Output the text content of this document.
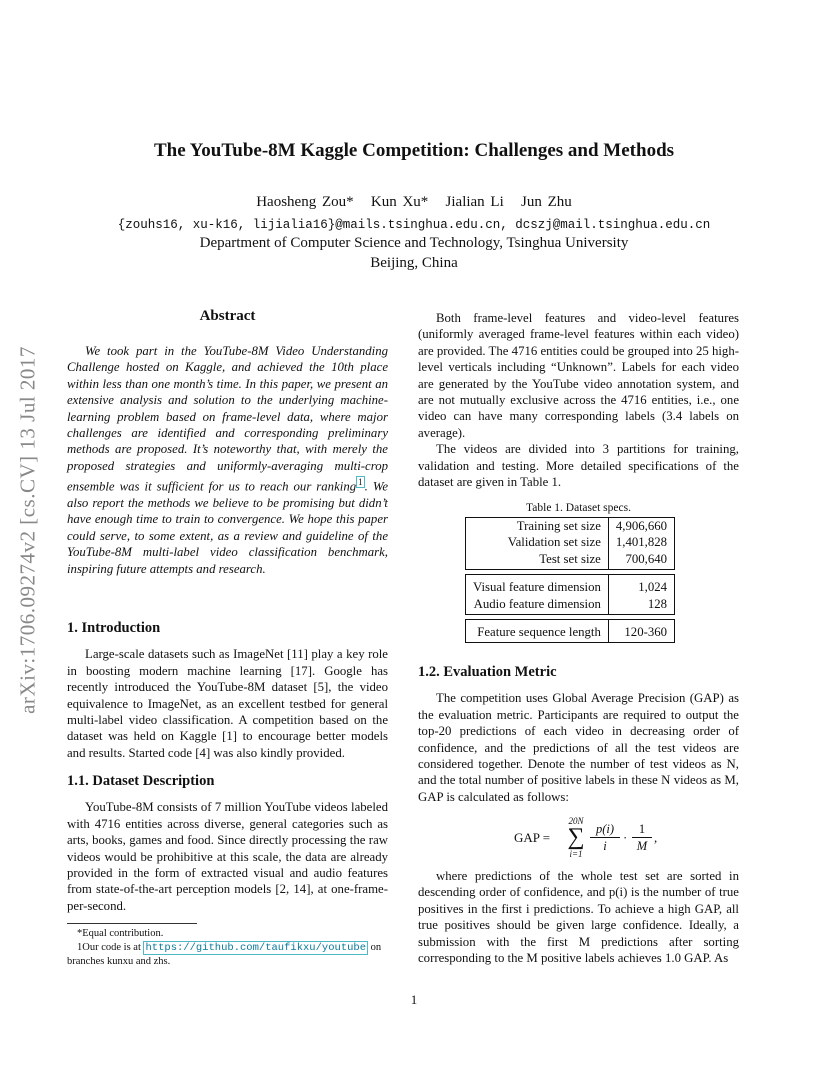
The YouTube-8M Kaggle Competition: Challenges and Methods
Haosheng Zou* Kun Xu* Jialian Li Jun Zhu
{zouhs16, xu-k16, lijialia16}@mails.tsinghua.edu.cn, dcszj@mail.tsinghua.edu.cn
Department of Computer Science and Technology, Tsinghua University
Beijing, China
arXiv:1706.09274v2 [cs.CV] 13 Jul 2017
Abstract
We took part in the YouTube-8M Video Understanding Challenge hosted on Kaggle, and achieved the 10th place within less than one month’s time. In this paper, we present an extensive analysis and solution to the underlying machine-learning problem based on frame-level data, where major challenges are identified and corresponding preliminary methods are proposed. It’s noteworthy that, with merely the proposed strategies and uniformly-averaging multi-crop ensemble was it sufficient for us to reach our ranking $^1$ . We also report the methods we believe to be promising but didn’t have enough time to train to convergence. We hope this paper could serve, to some extent, as a review and guideline of the YouTube-8M multi-label video classification benchmark, inspiring future attempts and research.
1. Introduction

Large-scale datasets such as ImageNet [11] play a key role in boosting modern machine learning [17]. Google has recently introduced the YouTube-8M dataset [5], the video equivalence to ImageNet, as an excellent testbed for general multi-label video classification. A competition based on the dataset was held on Kaggle [1] to encourage better models and results. Started code [4] was also kindly provided.

1.1. Dataset Description

YouTube-8M consists of 7 million YouTube videos labeled with 4716 entities across diverse, general categories such as arts, books, games and food. Since directly processing the raw videos would be prohibitive at this scale, the data are already provided in the form of extracted visual and audio features from state-of-the-art perception models [2, 14], at one-frame-per-second.

*Equal contribution.
1Our code is at https://github.com/taufikxu/youtube on branches kunxu and zhs.

Both frame-level features and video-level features (uniformly averaged frame-level features within each video) are provided. The 4716 entities could be grouped into 25 high-level verticals including “Unknown”. Labels for each video are generated by the YouTube video annotation system, and are not mutually exclusive across the 4716 entities, i.e., one video can have many corresponding labels (3.4 labels on average).

The videos are divided into 3 partitions for training, validation and testing. More detailed specifications of the dataset are given in Table 1.

Table 1. Dataset specs.
Training set size	4,906,660
Validation set size	1,401,828
Test set size	700,640

Visual feature dimension	1,024
Audio feature dimension	128

Feature sequence length	120-360
1.2. Evaluation Metric

The competition uses Global Average Precision (GAP) as the evaluation metric. Participants are required to output the top-20 predictions of each video in decreasing order of confidence, and the predictions of all the test videos are considered together. Denote the number of test videos as N, and the total number of positive labels in these N videos as M, GAP is calculated as follows:

GAP =
20N
∑
i=1
p(i)
i
·
1
M
,

where predictions of the whole test set are sorted in descending order of confidence, and p(i) is the number of true positives in the first i predictions. To achieve a high GAP, all true positives should be given large confidence. Ideally, a submission with the first M predictions after sorting corresponding to the M positive labels achieves 1.0 GAP. As

1
